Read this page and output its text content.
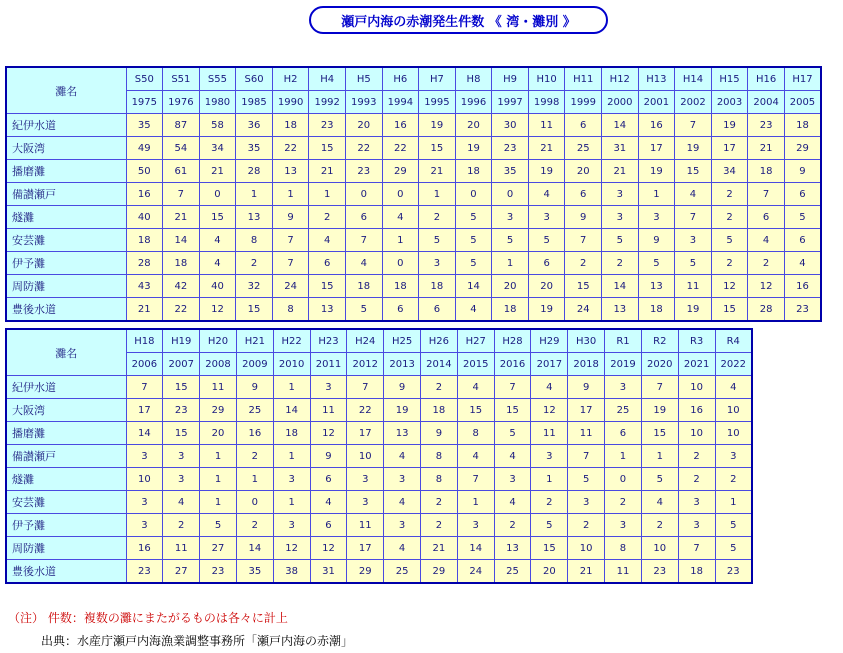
瀬戸内海の赤潮発生件数 《 湾・灘別 》
灘名	S50	S51	S55	S60	H2	H4	H5	H6	H7	H8	H9	H10	H11	H12	H13	H14	H15	H16	H17
	1975	1976	1980	1985	1990	1992	1993	1994	1995	1996	1997	1998	1999	2000	2001	2002	2003	2004	2005
紀伊水道	35	87	58	36	18	23	20	16	19	20	30	11	6	14	16	7	19	23	18
大阪湾	49	54	34	35	22	15	22	22	15	19	23	21	25	31	17	19	17	21	29
播磨灘	50	61	21	28	13	21	23	29	21	18	35	19	20	21	19	15	34	18	9
備讃瀬戸	16	7	0	1	1	1	0	0	1	0	0	4	6	3	1	4	2	7	6
燧灘	40	21	15	13	9	2	6	4	2	5	3	3	9	3	3	7	2	6	5
安芸灘	18	14	4	8	7	4	7	1	5	5	5	5	7	5	9	3	5	4	6
伊予灘	28	18	4	2	7	6	4	0	3	5	1	6	2	2	5	5	2	2	4
周防灘	43	42	40	32	24	15	18	18	18	14	20	20	15	14	13	11	12	12	16
豊後水道	21	22	12	15	8	13	5	6	6	4	18	19	24	13	18	19	15	28	23
灘名	H18	H19	H20	H21	H22	H23	H24	H25	H26	H27	H28	H29	H30	R1	R2	R3	R4
	2006	2007	2008	2009	2010	2011	2012	2013	2014	2015	2016	2017	2018	2019	2020	2021	2022
紀伊水道	7	15	11	9	1	3	7	9	2	4	7	4	9	3	7	10	4
大阪湾	17	23	29	25	14	11	22	19	18	15	15	12	17	25	19	16	10
播磨灘	14	15	20	16	18	12	17	13	9	8	5	11	11	6	15	10	10
備讃瀬戸	3	3	1	2	1	9	10	4	8	4	4	3	7	1	1	2	3
燧灘	10	3	1	1	3	6	3	3	8	7	3	1	5	0	5	2	2
安芸灘	3	4	1	0	1	4	3	4	2	1	4	2	3	2	4	3	1
伊予灘	3	2	5	2	3	6	11	3	2	3	2	5	2	3	2	3	5
周防灘	16	11	27	14	12	12	17	4	21	14	13	15	10	8	10	7	5
豊後水道	23	27	23	35	38	31	29	25	29	24	25	20	21	11	23	18	23
（注） 件数：複数の灘にまたがるものは各々に計上
出典：水産庁瀬戸内海漁業調整事務所「瀬戸内海の赤潮」
